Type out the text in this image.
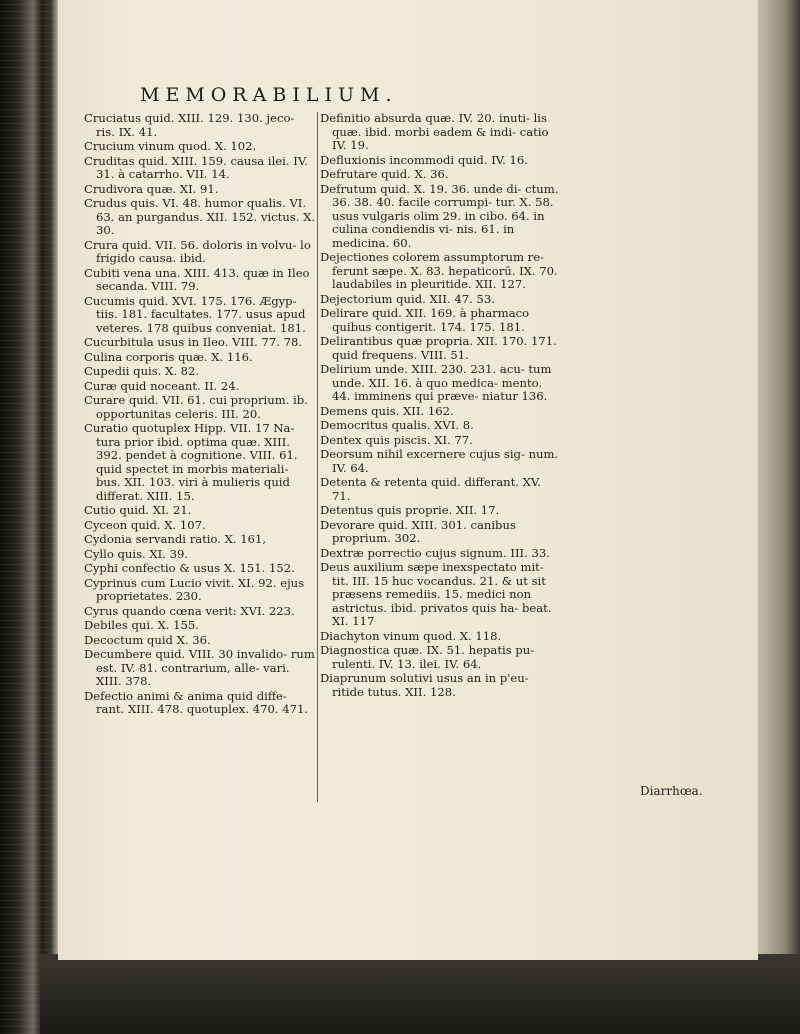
MEMORABILIUM.
Cruciatus quid. XIII. 129. 130. jeco- ris. IX. 41.
Crucium vinum quod. X. 102.
Cruditas quid. XIII. 159. causa ilei. IV. 31. à catarrho. VII. 14.
Crudivora quæ. XI. 91.
Crudus quis. VI. 48. humor qualis. VI. 63. an purgandus. XII. 152. victus. X. 30.
Crura quid. VII. 56. doloris in volvu- lo frigido causa. ibid.
Cubiti vena una. XIII. 413. quæ in Ileo secanda. VIII. 79.
Cucumis quid. XVI. 175. 176. Ægyp- tiis. 181. facultates. 177. usus apud veteres. 178 quibus conveniat. 181.
Cucurbitula usus in Ileo. VIII. 77. 78.
Culina corporis quæ. X. 116.
Cupedii quis. X. 82.
Curæ quid noceant. II. 24.
Curare quid. VII. 61. cui proprium. ib. opportunitas celeris. III. 20.
Curatio quotuplex Hipp. VII. 17 Na- tura prior ibid. optima quæ. XIII. 392. pendet à cognitione. VIII. 61. quid spectet in morbis materiali- bus. XII. 103. viri à mulieris quid differat. XIII. 15.
Cutio quid. XI. 21.
Cyceon quid. X. 107.
Cydonia servandi ratio. X. 161,
Cyllo quis. XI. 39.
Cyphi confectio & usus X. 151. 152.
Cyprinus cum Lucio vivit. XI. 92. ejus proprietates. 230.
Cyrus quando cœna verit: XVI. 223.
Debiles qui. X. 155.
Decoctum quid X. 36.
Decumbere quid. VIII. 30 invalido- rum est. IV. 81. contrarium, alle- vari. XIII. 378.
Defectio animi & anima quid diffe- rant. XIII. 478. quotuplex. 470. 471.
Definitio absurda quæ. IV. 20. inuti- lis quæ. ibid. morbi eadem & indi- catio IV. 19.
Defluxionis incommodi quid. IV. 16.
Defrutare quid. X. 36.
Defrutum quid. X. 19. 36. unde di- ctum. 36. 38. 40. facile corrumpi- tur. X. 58. usus vulgaris olim 29. in cibo. 64. in culina condiendis vi- nis. 61. in medicina. 60.
Dejectiones colorem assumptorum re- ferunt sæpe. X. 83. hepaticorū. IX. 70. laudabiles in pleuritide. XII. 127.
Dejectorium quid. XII. 47. 53.
Delirare quid. XII. 169. à pharmaco quibus contigerit. 174. 175. 181.
Delirantibus quæ propria. XII. 170. 171. quid frequens. VIII. 51.
Delirium unde. XIII. 230. 231. acu- tum unde. XII. 16. à quo medica- mento. 44. imminens qui præve- niatur 136.
Demens quis. XII. 162.
Democritus qualis. XVI. 8.
Dentex quis piscis. XI. 77.
Deorsum nihil excernere cujus sig- num. IV. 64.
Detenta & retenta quid. differant. XV. 71.
Detentus quis proprie. XII. 17.
Devorare quid. XIII. 301. canibus proprium. 302.
Dextræ porrectio cujus signum. III. 33.
Deus auxilium sæpe inexspectato mit- tit. III. 15 huc vocandus. 21. & ut sit præsens remediis. 15. medici non astrictus. ibid. privatos quis ha- beat. XI. 117
Diachyton vinum quod. X. 118.
Diagnostica quæ. IX. 51. hepatis pu- rulenti. IV. 13. ilei. IV. 64.
Diaprunum solutivi usus an in p'eu- ritide tutus. XII. 128.
Diarrhœa.
